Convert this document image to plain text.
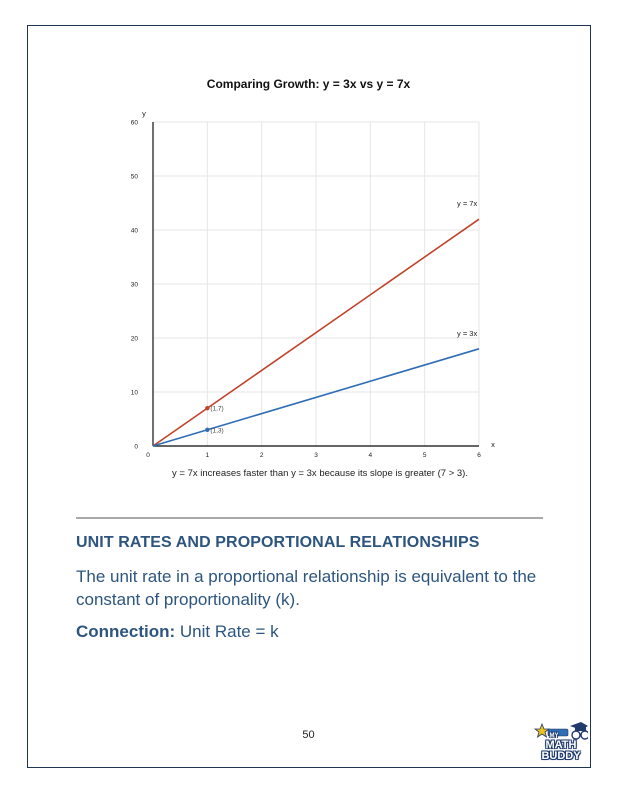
Comparing Growth: y = 3x vs y = 7x
0	1	2	3	4	5	6
0
10
20
30
40
50
60
y
x
y = 7x
y = 3x
(1,7)
(1,3)
y = 7x increases faster than y = 3x because its slope is greater (7 > 3).
UNIT RATES AND PROPORTIONAL RELATIONSHIPS
The unit rate in a proportional relationship is equivalent to the constant of proportionality (k).
Connection: Unit Rate = k
50	MY
MATH
BUDDY
